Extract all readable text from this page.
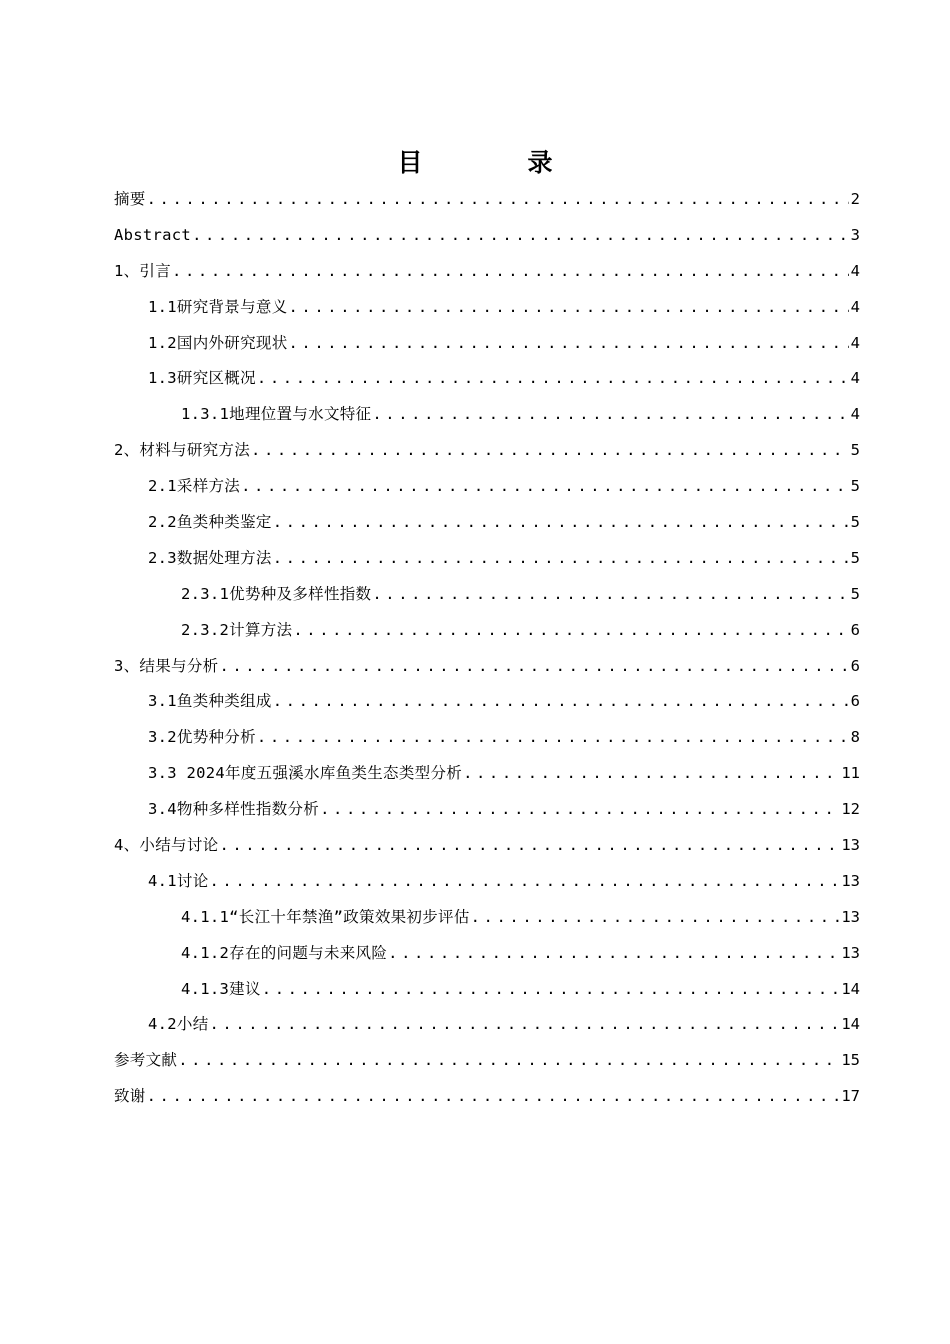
目　录
摘要 .....	2
Abstract .....	3
1、引言 .....	4
1.1研究背景与意义 .....	4
1.2国内外研究现状 .....	4
1.3研究区概况 .....	4
1.3.1地理位置与水文特征 .....	4
2、材料与研究方法 .....	5
2.1采样方法 .....	5
2.2鱼类种类鉴定 .....	5
2.3数据处理方法 .....	5
2.3.1优势种及多样性指数 .....	5
2.3.2计算方法 .....	6
3、结果与分析 .....	6
3.1鱼类种类组成 .....	6
3.2优势种分析 .....	8
3.3 2024年度五强溪水库鱼类生态类型分析 .....	11
3.4物种多样性指数分析 .....	12
4、小结与讨论 .....	13
4.1讨论 .....	13
4.1.1“长江十年禁渔”政策效果初步评估 .....	13
4.1.2存在的问题与未来风险 .....	13
4.1.3建议 .....	14
4.2小结 .....	14
参考文献 .....	15
致谢 .....	17
